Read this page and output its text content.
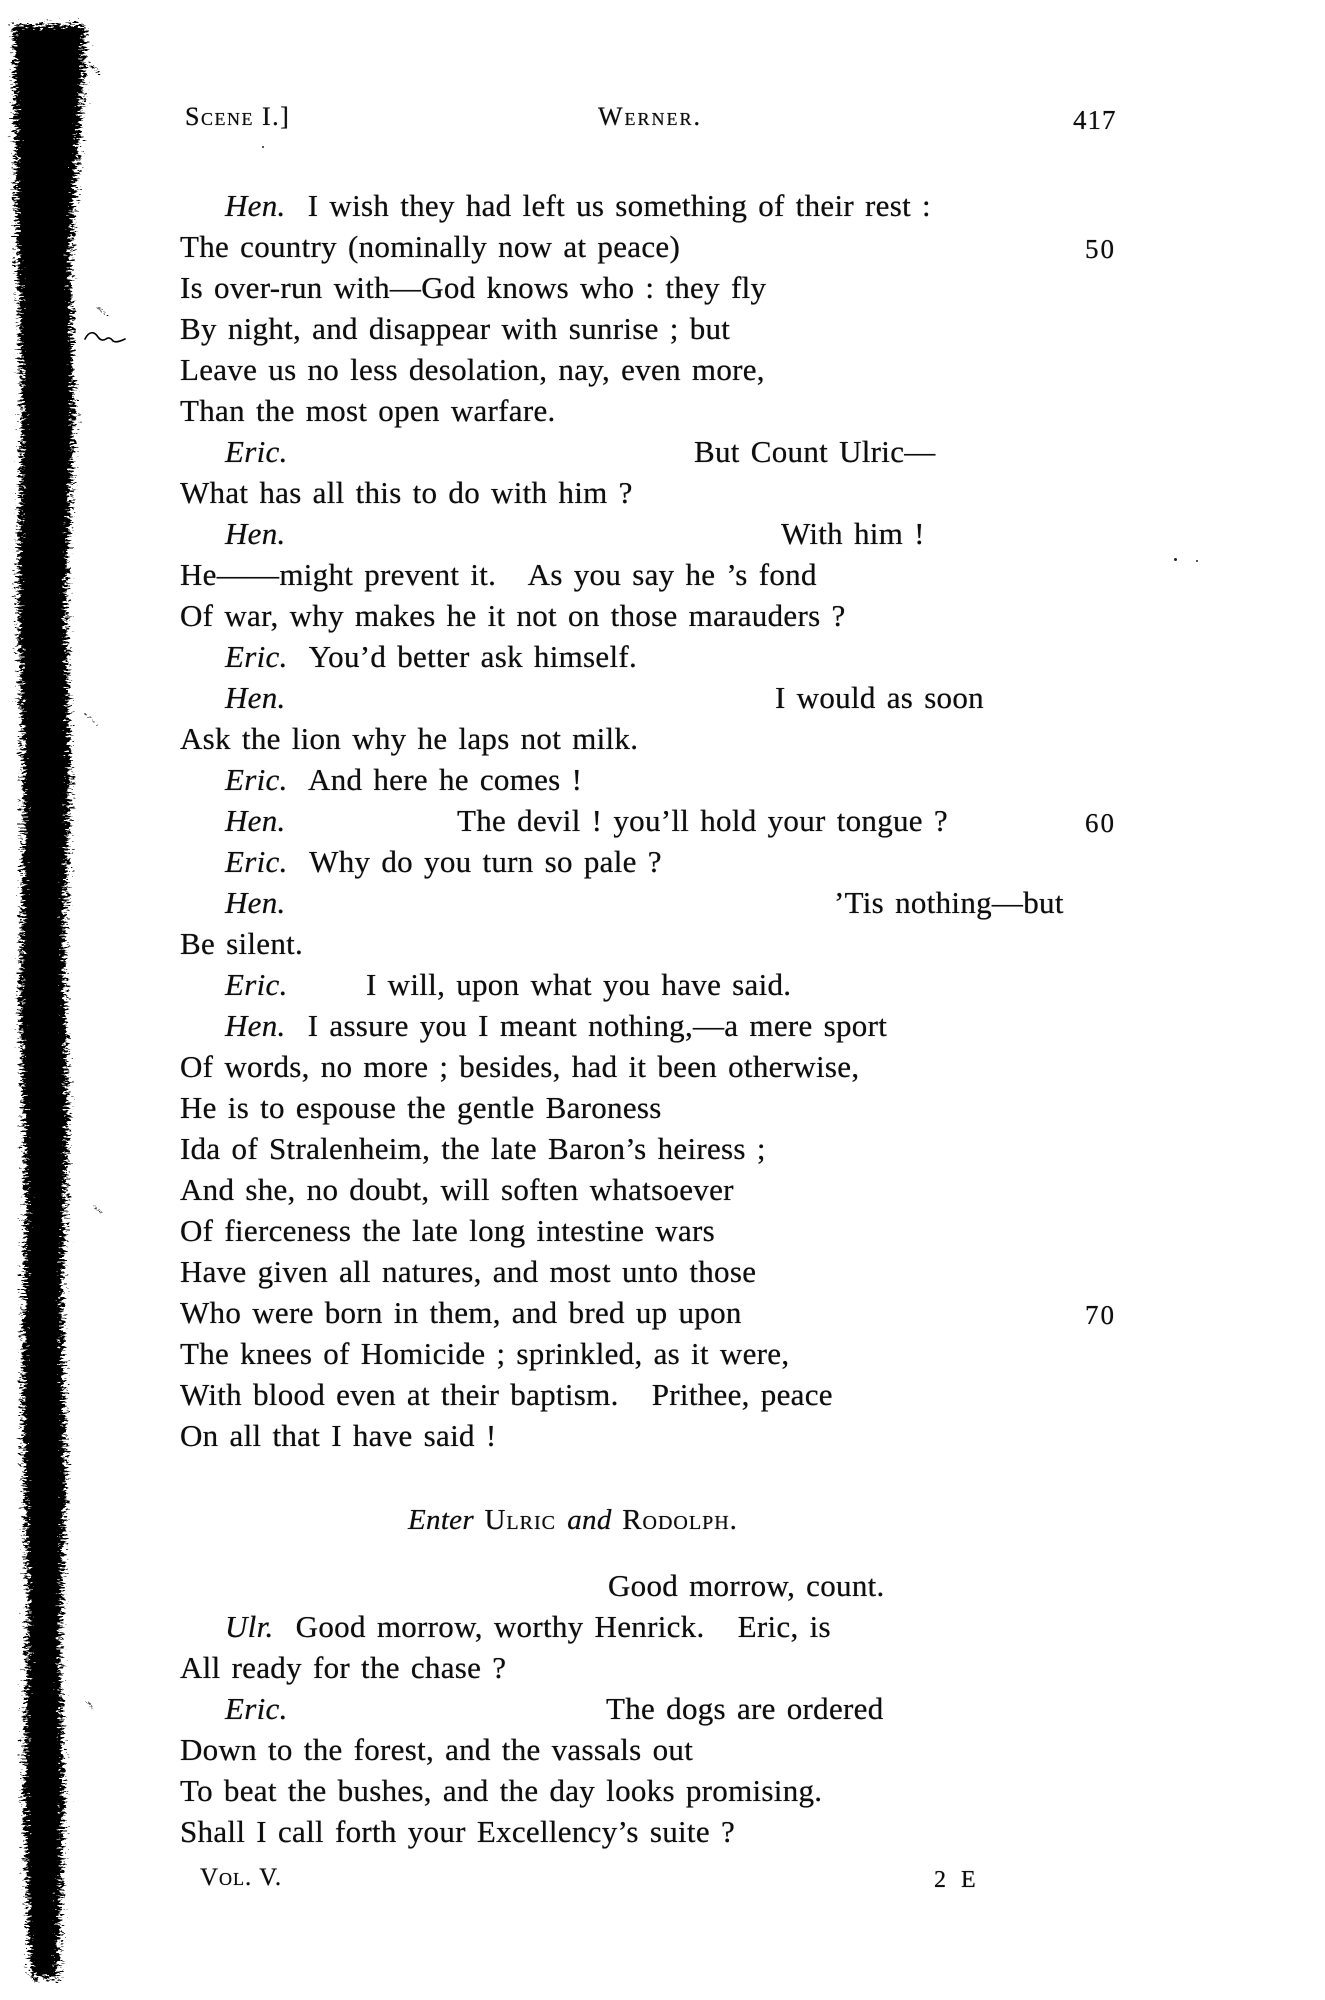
Scene I.]	Werner.	417
Hen.  I wish they had left us something of their rest :
The country (nominally now at peace)	50
Is over-run with—God knows who : they fly
By night, and disappear with sunrise ; but
Leave us no less desolation, nay, even more,
Than the most open warfare.
Eric.	But Count Ulric—
What has all this to do with him ?
Hen.	With him !
He——might prevent it.   As you say he ’s fond
Of war, why makes he it not on those marauders ?
Eric.  You’d better ask himself.
Hen.	I would as soon
Ask the lion why he laps not milk.
Eric.  And here he comes !
Hen.	The devil ! you’ll hold your tongue ?	60
Eric.  Why do you turn so pale ?
Hen.	’Tis nothing—but
Be silent.
Eric.	I will, upon what you have said.
Hen.  I assure you I meant nothing,—a mere sport
Of words, no more ; besides, had it been otherwise,
He is to espouse the gentle Baroness
Ida of Stralenheim, the late Baron’s heiress ;
And she, no doubt, will soften whatsoever
Of fierceness the late long intestine wars
Have given all natures, and most unto those
Who were born in them, and bred up upon	70
The knees of Homicide ; sprinkled, as it were,
With blood even at their baptism.   Prithee, peace
On all that I have said !
Enter Ulric and Rodolph.
Good morrow, count.
Ulr.  Good morrow, worthy Henrick.   Eric, is
All ready for the chase ?
Eric.	The dogs are ordered
Down to the forest, and the vassals out
To beat the bushes, and the day looks promising.
Shall I call forth your Excellency’s suite ?
Vol. V.	2  E
